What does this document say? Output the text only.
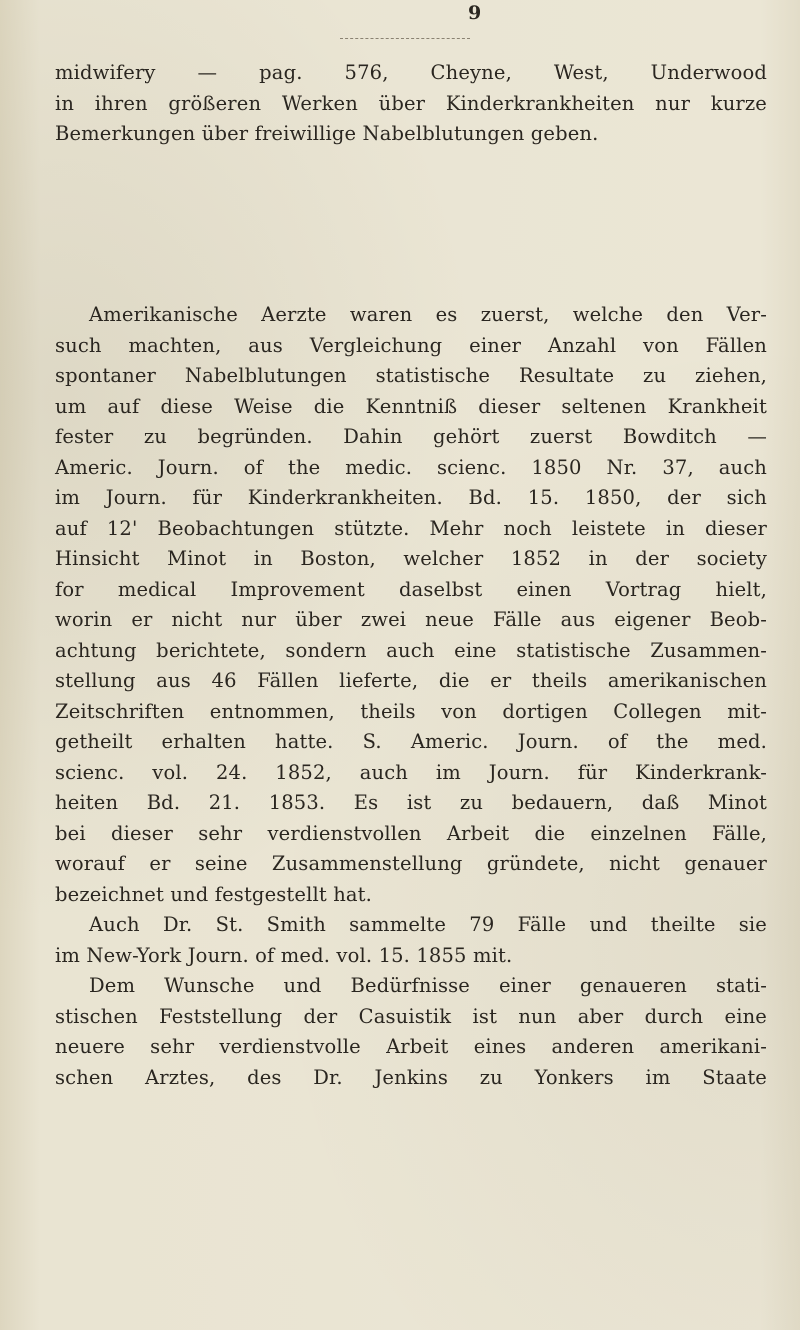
9
midwifery — pag. 576, Cheyne, West, Underwood
in ihren größeren Werken über Kinderkrankheiten nur kurze
Bemerkungen über freiwillige Nabelblutungen geben.
Amerikanische Aerzte waren es zuerst, welche den Ver-
such machten, aus Vergleichung einer Anzahl von Fällen
spontaner Nabelblutungen statistische Resultate zu ziehen,
um auf diese Weise die Kenntniß dieser seltenen Krankheit
fester zu begründen. Dahin gehört zuerst Bowditch —
Americ. Journ. of the medic. scienc. 1850 Nr. 37, auch
im Journ. für Kinderkrankheiten. Bd. 15. 1850, der sich
auf 12' Beobachtungen stützte. Mehr noch leistete in dieser
Hinsicht Minot in Boston, welcher 1852 in der society
for medical Improvement daselbst einen Vortrag hielt,
worin er nicht nur über zwei neue Fälle aus eigener Beob-
achtung berichtete, sondern auch eine statistische Zusammen-
stellung aus 46 Fällen lieferte, die er theils amerikanischen
Zeitschriften entnommen, theils von dortigen Collegen mit-
getheilt erhalten hatte. S. Americ. Journ. of the med.
scienc. vol. 24. 1852, auch im Journ. für Kinderkrank-
heiten Bd. 21. 1853. Es ist zu bedauern, daß Minot
bei dieser sehr verdienstvollen Arbeit die einzelnen Fälle,
worauf er seine Zusammenstellung gründete, nicht genauer
bezeichnet und festgestellt hat.
Auch Dr. St. Smith sammelte 79 Fälle und theilte sie
im New-York Journ. of med. vol. 15. 1855 mit.
Dem Wunsche und Bedürfnisse einer genaueren stati-
stischen Feststellung der Casuistik ist nun aber durch eine
neuere sehr verdienstvolle Arbeit eines anderen amerikani-
schen Arztes, des Dr. Jenkins zu Yonkers im Staate
